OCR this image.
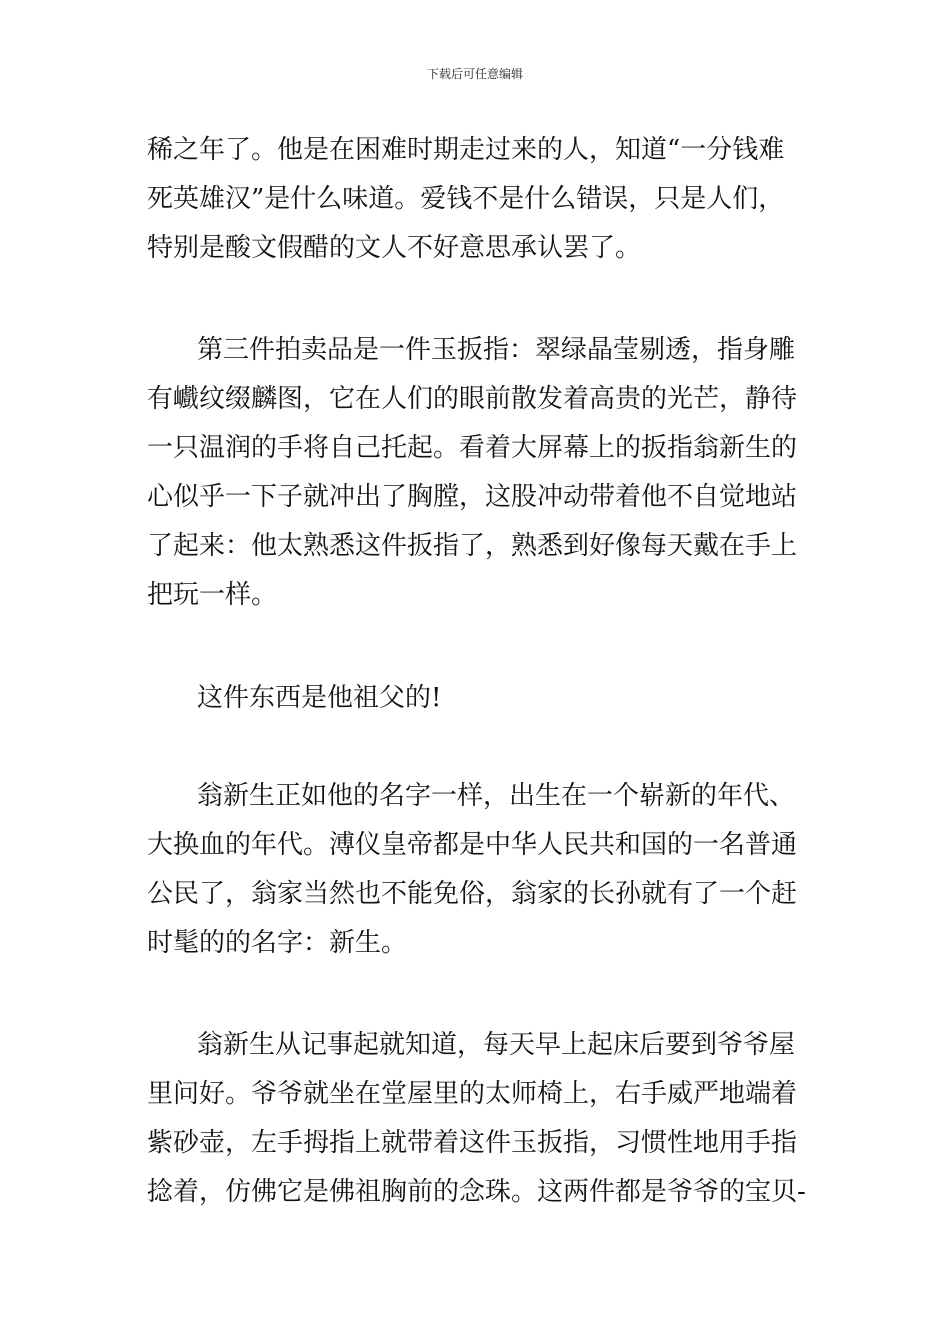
下载后可任意编辑
稀之年了。他是在困难时期走过来的人，知道“一分钱难
死英雄汉”是什么味道。爱钱不是什么错误，只是人们，
特别是酸文假醋的文人不好意思承认罢了。
第三件拍卖品是一件玉扳指：翠绿晶莹剔透，指身雕
有巇纹缀麟图，它在人们的眼前散发着高贵的光芒，静待
一只温润的手将自己托起。看着大屏幕上的扳指翁新生的
心似乎一下子就冲出了胸膛，这股冲动带着他不自觉地站
了起来：他太熟悉这件扳指了，熟悉到好像每天戴在手上
把玩一样。
这件东西是他祖父的!
翁新生正如他的名字一样，出生在一个崭新的年代、
大换血的年代。溥仪皇帝都是中华人民共和国的一名普通
公民了，翁家当然也不能免俗，翁家的长孙就有了一个赶
时髦的的名字：新生。
翁新生从记事起就知道，每天早上起床后要到爷爷屋
里问好。爷爷就坐在堂屋里的太师椅上，右手威严地端着
紫砂壶，左手拇指上就带着这件玉扳指，习惯性地用手指
捻着，仿佛它是佛祖胸前的念珠。这两件都是爷爷的宝贝-
